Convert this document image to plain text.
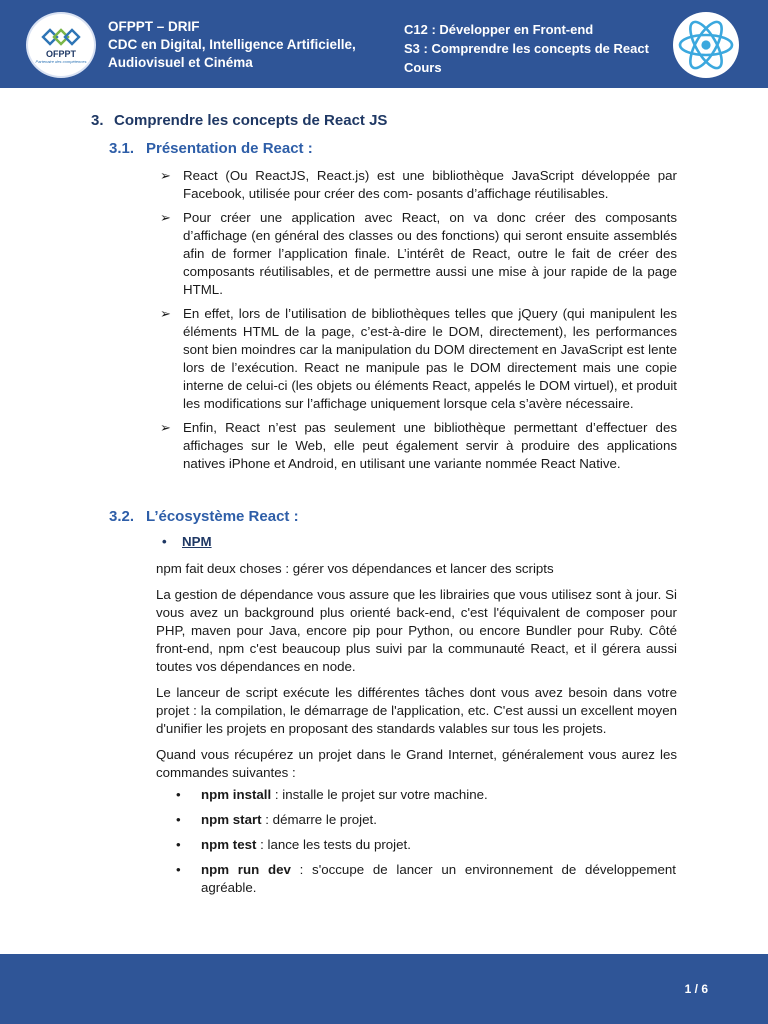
OFPPT
Partenaire des compétences
OFPPT – DRIF
CDC en Digital, Intelligence Artificielle,
Audiovisuel et Cinéma
C12 : Développer en Front-end
S3 : Comprendre les concepts de React
Cours
3. Comprendre les concepts de React JS
3.1. Présentation de React :
➢ React (Ou ReactJS, React.js) est une bibliothèque JavaScript développée par Facebook, utilisée pour créer des com- posants d’affichage réutilisables.
➢ Pour créer une application avec React, on va donc créer des composants d’affichage (en général des classes ou des fonctions) qui seront ensuite assemblés afin de former l’application finale. L’intérêt de React, outre le fait de créer des composants réutilisables, et de permettre aussi une mise à jour rapide de la page HTML.
➢ En effet, lors de l’utilisation de bibliothèques telles que jQuery (qui manipulent les éléments HTML de la page, c’est-à-dire le DOM, directement), les performances sont bien moindres car la manipulation du DOM directement en JavaScript est lente lors de l’exécution. React ne manipule pas le DOM directement mais une copie interne de celui-ci (les objets ou éléments React, appelés le DOM virtuel), et produit les modifications sur l’affichage uniquement lorsque cela s’avère nécessaire.
➢ Enfin, React n’est pas seulement une bibliothèque permettant d’effectuer des affichages sur le Web, elle peut également servir à produire des applications natives iPhone et Android, en utilisant une variante nommée React Native.
3.2. L’écosystème React :
• NPM

npm fait deux choses : gérer vos dépendances et lancer des scripts

La gestion de dépendance vous assure que les librairies que vous utilisez sont à jour. Si vous avez un background plus orienté back-end, c'est l'équivalent de composer pour PHP, maven pour Java, encore pip pour Python, ou encore Bundler pour Ruby. Côté front-end, npm c'est beaucoup plus suivi par la communauté React, et il gérera aussi toutes vos dépendances en node.

Le lanceur de script exécute les différentes tâches dont vous avez besoin dans votre projet : la compilation, le démarrage de l'application, etc. C'est aussi un excellent moyen d'unifier les projets en proposant des standards valables sur tous les projets.

Quand vous récupérez un projet dans le Grand Internet, généralement vous aurez les commandes suivantes :

• npm install : installe le projet sur votre machine.
• npm start : démarre le projet.
• npm test : lance les tests du projet.
• npm run dev : s'occupe de lancer un environnement de développement agréable.
1 / 6
